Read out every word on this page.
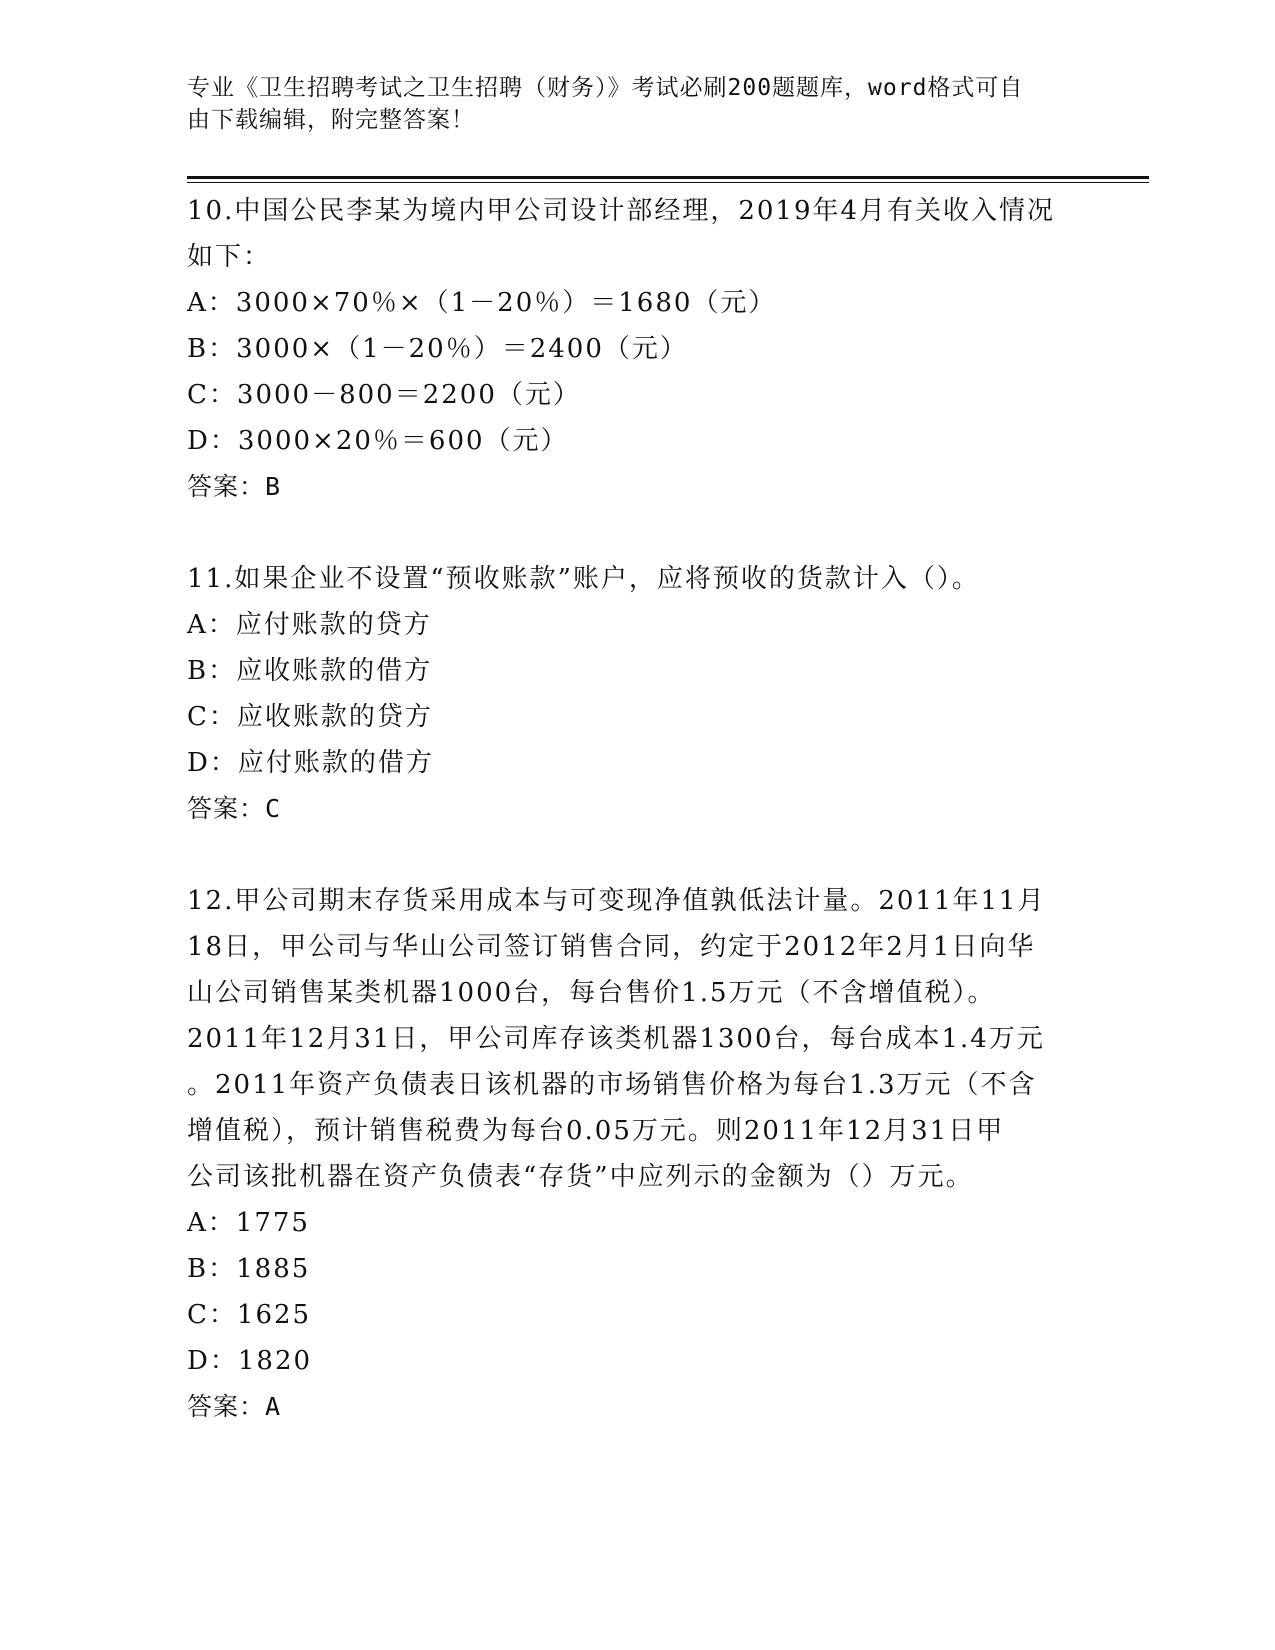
专业《卫生招聘考试之卫生招聘（财务）》考试必刷200题题库，word格式可自
由下载编辑，附完整答案！
10.中国公民李某为境内甲公司设计部经理，2019年4月有关收入情况
如下：
A：3000×70％×（1－20％）＝1680（元）
B：3000×（1－20％）＝2400（元）
C：3000－800＝2200（元）
D：3000×20％＝600（元）
答案：B
11.如果企业不设置“预收账款”账户，应将预收的货款计入（）。
A：应付账款的贷方
B：应收账款的借方
C：应收账款的贷方
D：应付账款的借方
答案：C
12.甲公司期末存货采用成本与可变现净值孰低法计量。2011年11月
18日，甲公司与华山公司签订销售合同，约定于2012年2月1日向华
山公司销售某类机器1000台，每台售价1.5万元（不含增值税）。
2011年12月31日，甲公司库存该类机器1300台，每台成本1.4万元
。2011年资产负债表日该机器的市场销售价格为每台1.3万元（不含
增值税），预计销售税费为每台0.05万元。则2011年12月31日甲
公司该批机器在资产负债表“存货”中应列示的金额为（）万元。
A：1775
B：1885
C：1625
D：1820
答案：A
